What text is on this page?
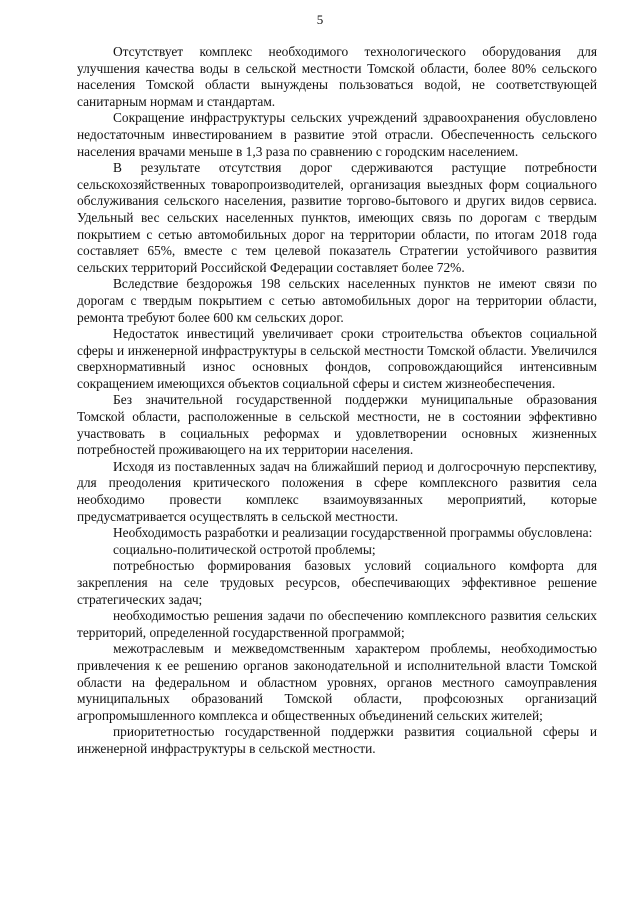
5

Отсутствует комплекс необходимого технологического оборудования для улучшения качества воды в сельской местности Томской области, более 80% сельского населения Томской области вынуждены пользоваться водой, не соответствующей санитарным нормам и стандартам.

Сокращение инфраструктуры сельских учреждений здравоохранения обусловлено недостаточным инвестированием в развитие этой отрасли. Обеспеченность сельского населения врачами меньше в 1,3 раза по сравнению с городским населением.

В результате отсутствия дорог сдерживаются растущие потребности сельскохозяйственных товаропроизводителей, организация выездных форм социального обслуживания сельского населения, развитие торгово-бытового и других видов сервиса. Удельный вес сельских населенных пунктов, имеющих связь по дорогам с твердым покрытием с сетью автомобильных дорог на территории области, по итогам 2018 года составляет 65%, вместе с тем целевой показатель Стратегии устойчивого развития сельских территорий Российской Федерации составляет более 72%.

Вследствие бездорожья 198 сельских населенных пунктов не имеют связи по дорогам с твердым покрытием с сетью автомобильных дорог на территории области, ремонта требуют более 600 км сельских дорог.

Недостаток инвестиций увеличивает сроки строительства объектов социальной сферы и инженерной инфраструктуры в сельской местности Томской области. Увеличился сверхнормативный износ основных фондов, сопровождающийся интенсивным сокращением имеющихся объектов социальной сферы и систем жизнеобеспечения.

Без значительной государственной поддержки муниципальные образования Томской области, расположенные в сельской местности, не в состоянии эффективно участвовать в социальных реформах и удовлетворении основных жизненных потребностей проживающего на их территории населения.

Исходя из поставленных задач на ближайший период и долгосрочную перспективу, для преодоления критического положения в сфере комплексного развития села необходимо провести комплекс взаимоувязанных мероприятий, которые предусматривается осуществлять в сельской местности.

Необходимость разработки и реализации государственной программы обусловлена:

социально-политической остротой проблемы;

потребностью формирования базовых условий социального комфорта для закрепления на селе трудовых ресурсов, обеспечивающих эффективное решение стратегических задач;

необходимостью решения задачи по обеспечению комплексного развития сельских территорий, определенной государственной программой;

межотраслевым и межведомственным характером проблемы, необходимостью привлечения к ее решению органов законодательной и исполнительной власти Томской области на федеральном и областном уровнях, органов местного самоуправления муниципальных образований Томской области, профсоюзных организаций агропромышленного комплекса и общественных объединений сельских жителей;

приоритетностью государственной поддержки развития социальной сферы и инженерной инфраструктуры в сельской местности.
